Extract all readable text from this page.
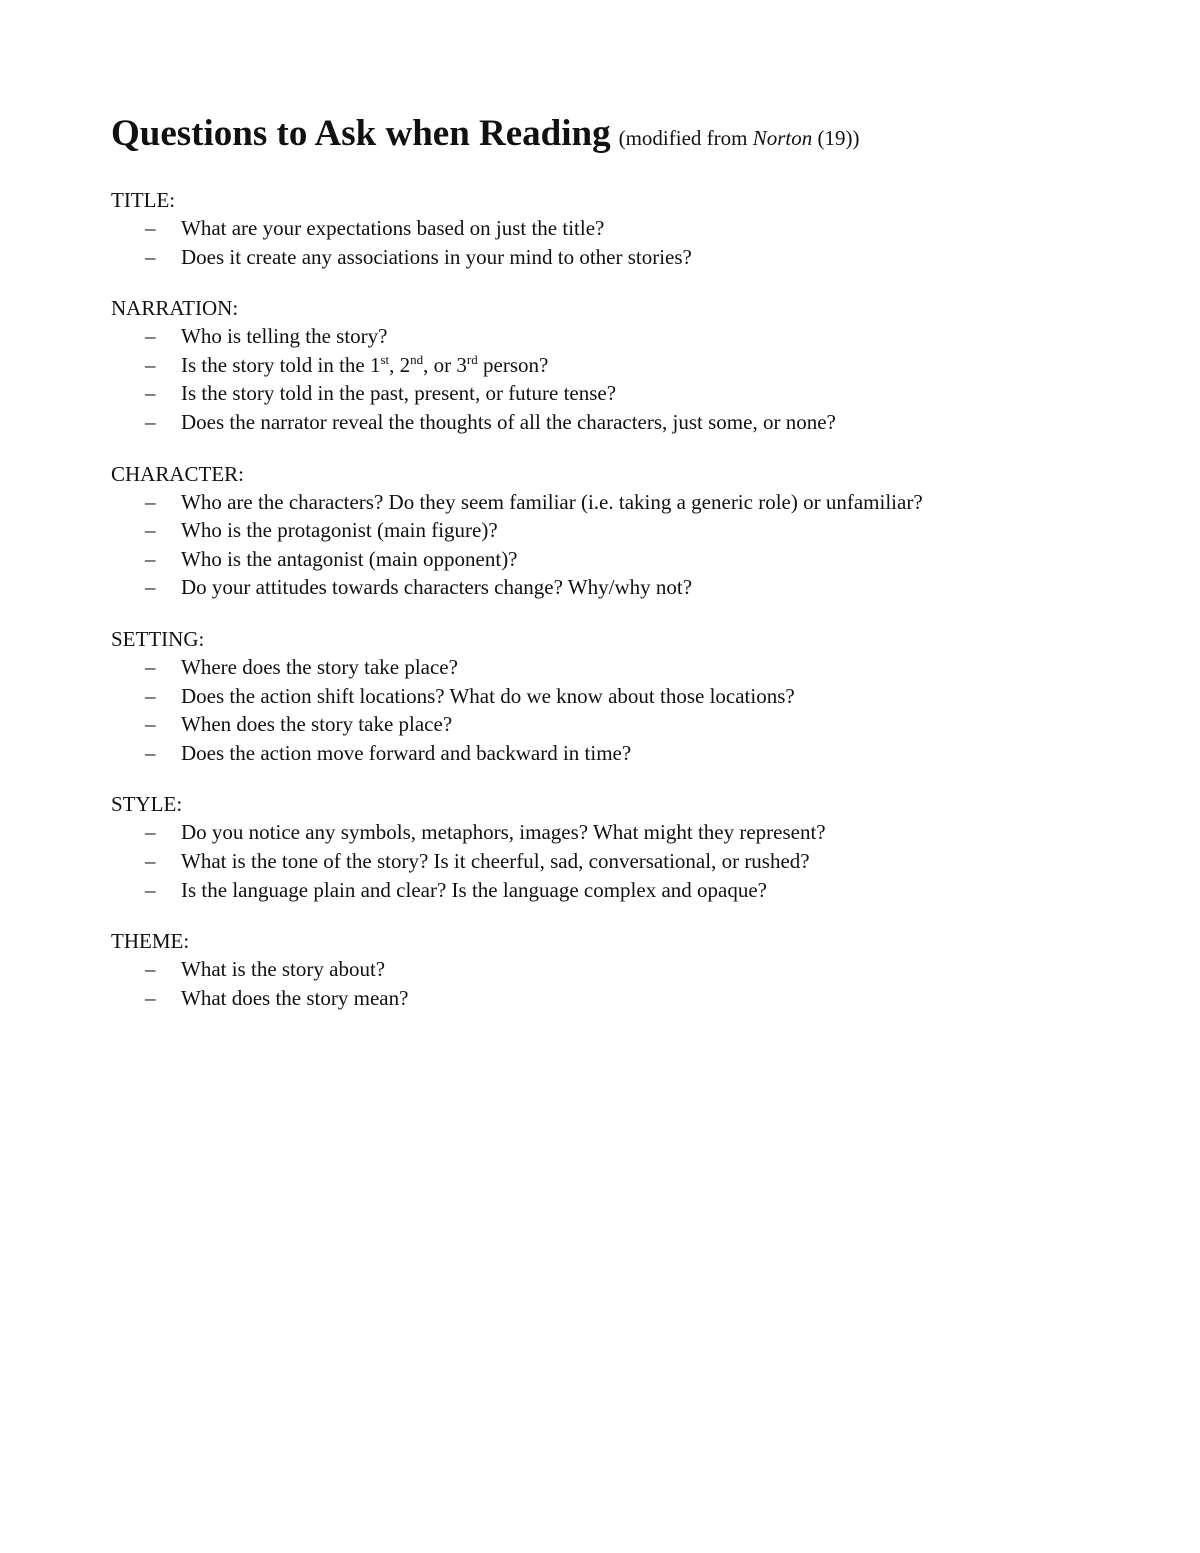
Questions to Ask when Reading (modified from Norton (19))
TITLE:
– What are your expectations based on just the title?
– Does it create any associations in your mind to other stories?
NARRATION:
– Who is telling the story?
– Is the story told in the 1st, 2nd, or 3rd person?
– Is the story told in the past, present, or future tense?
– Does the narrator reveal the thoughts of all the characters, just some, or none?
CHARACTER:
– Who are the characters? Do they seem familiar (i.e. taking a generic role) or unfamiliar?
– Who is the protagonist (main figure)?
– Who is the antagonist (main opponent)?
– Do your attitudes towards characters change? Why/why not?
SETTING:
– Where does the story take place?
– Does the action shift locations? What do we know about those locations?
– When does the story take place?
– Does the action move forward and backward in time?
STYLE:
– Do you notice any symbols, metaphors, images? What might they represent?
– What is the tone of the story? Is it cheerful, sad, conversational, or rushed?
– Is the language plain and clear? Is the language complex and opaque?
THEME:
– What is the story about?
– What does the story mean?
